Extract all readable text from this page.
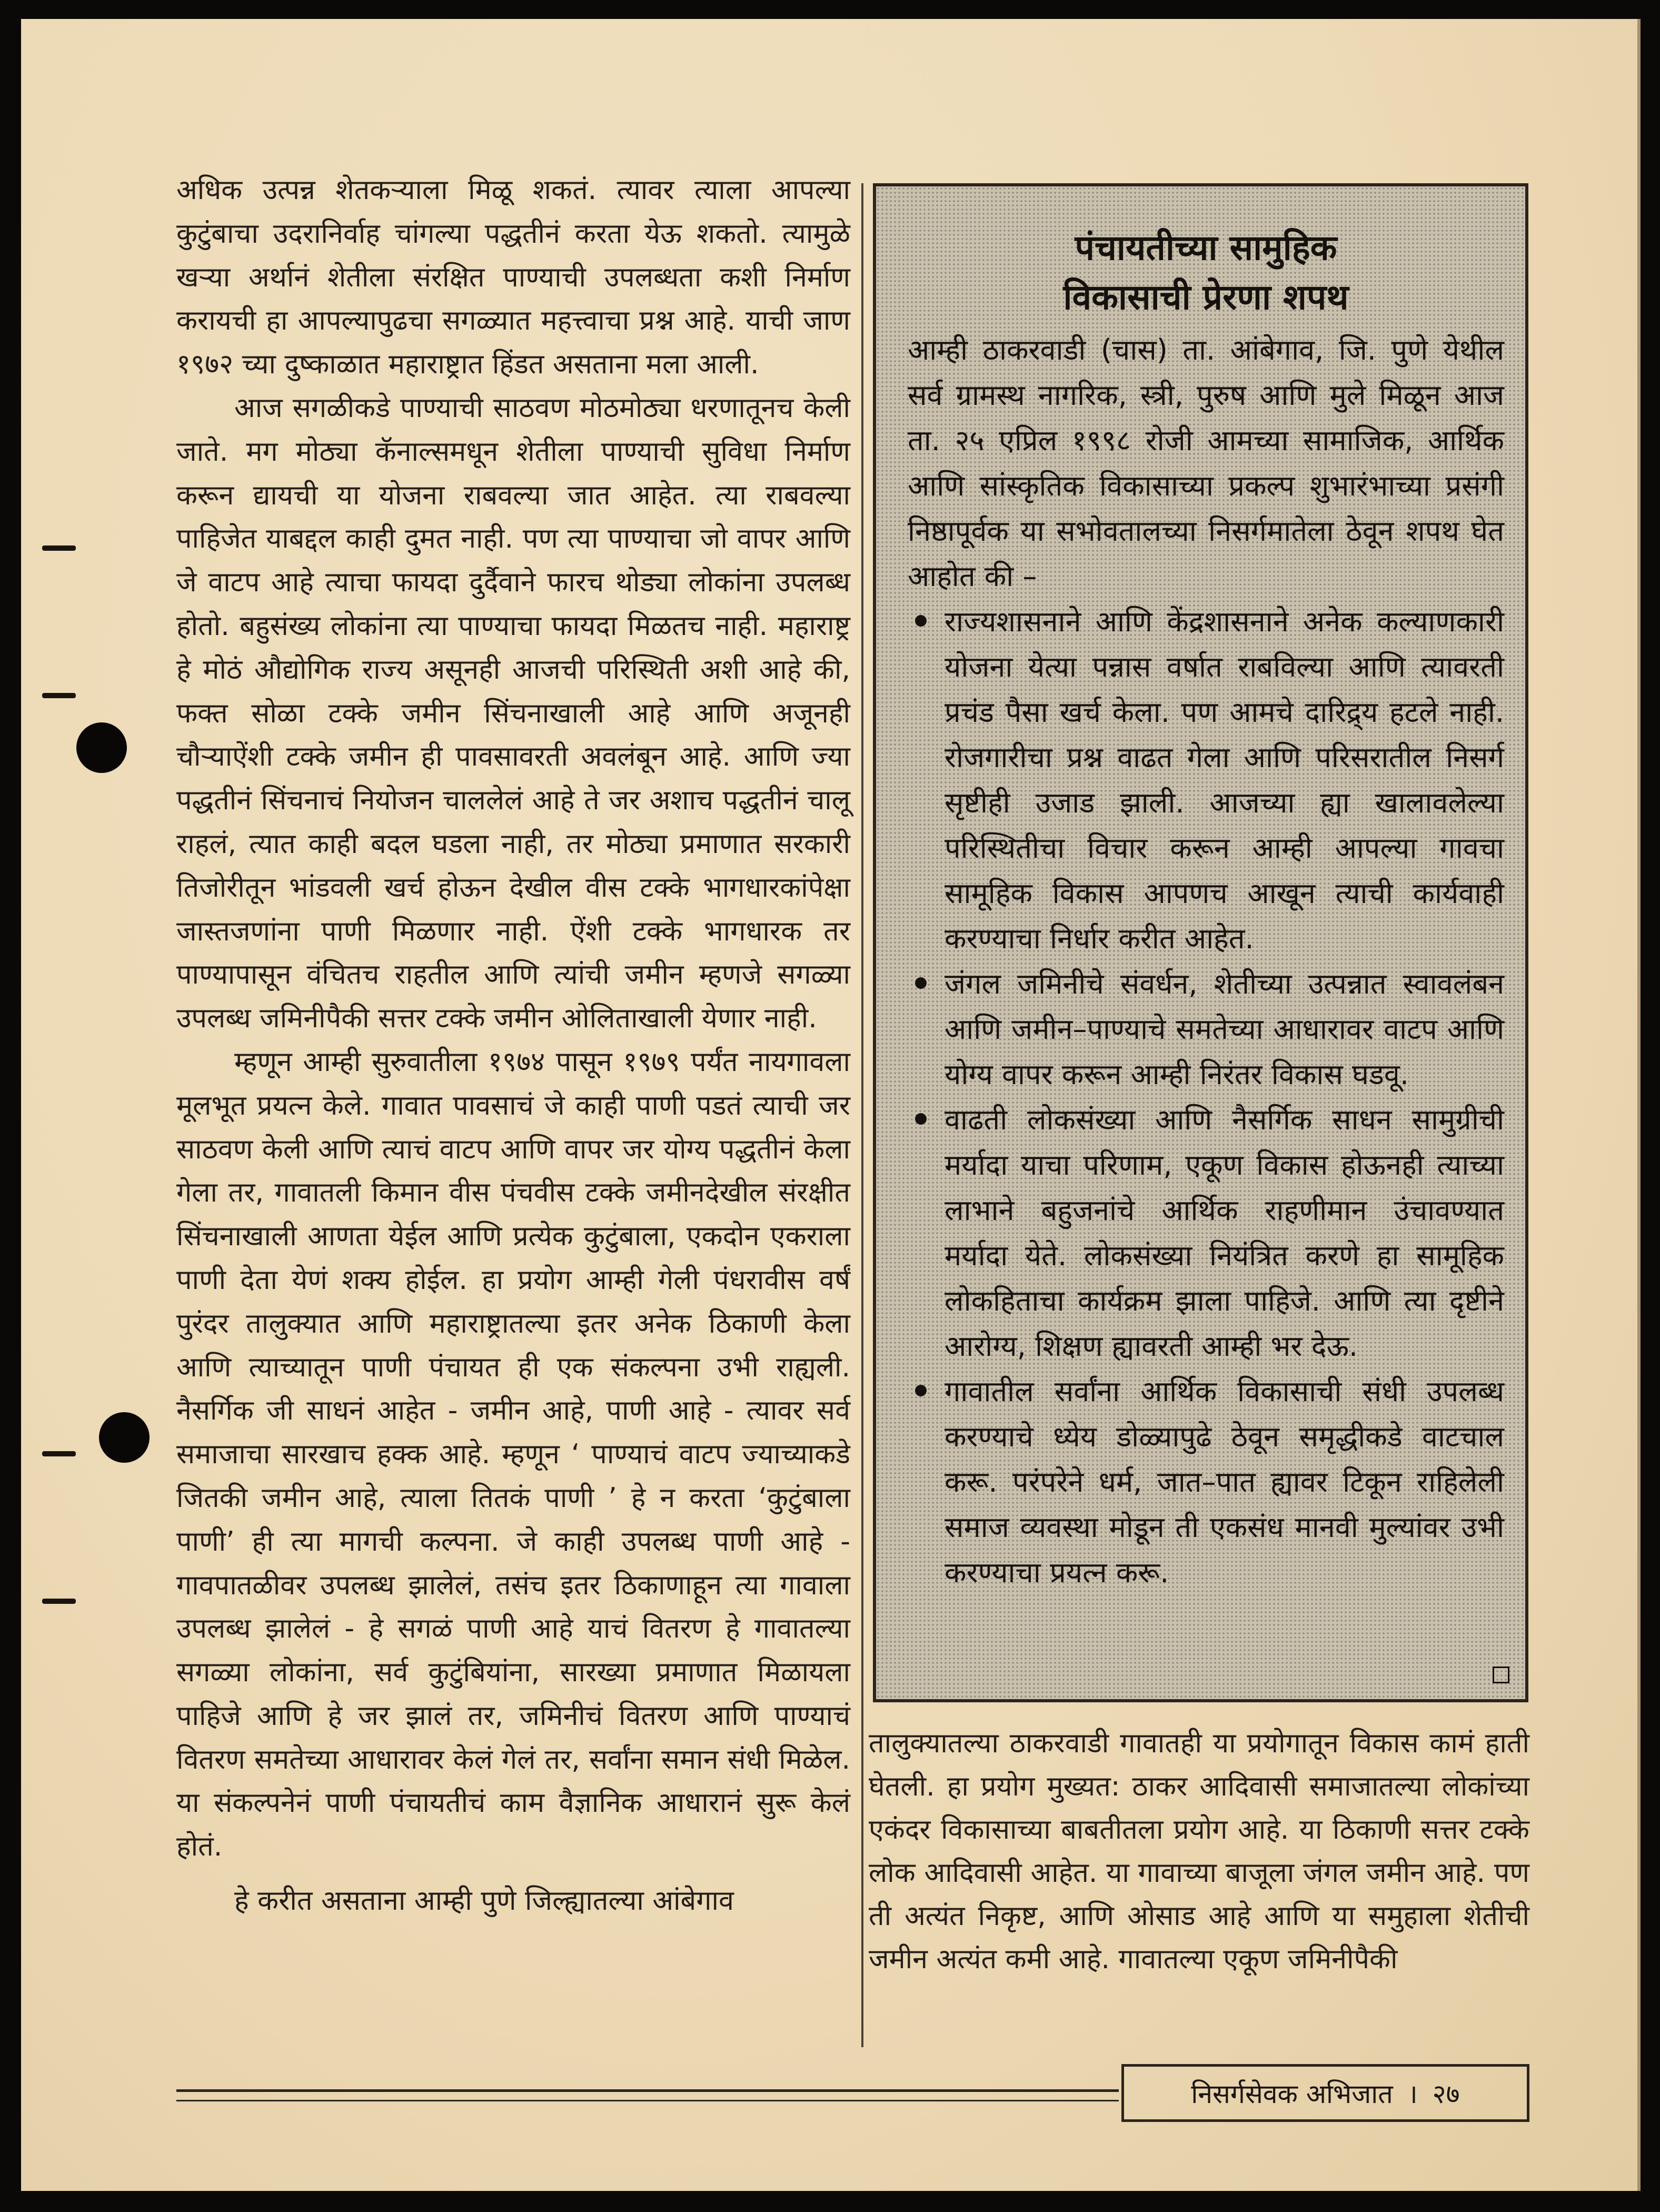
अधिक उत्पन्न शेतकऱ्याला मिळू शकतं. त्यावर त्याला आपल्या कुटुंबाचा उदरानिर्वाह चांगल्या पद्धतीनं करता येऊ शकतो. त्यामुळे खऱ्या अर्थानं शेतीला संरक्षित पाण्याची उपलब्धता कशी निर्माण करायची हा आपल्यापुढचा सगळ्यात महत्त्वाचा प्रश्न आहे. याची जाण १९७२ च्या दुष्काळात महाराष्ट्रात हिंडत असताना मला आली.

आज सगळीकडे पाण्याची साठवण मोठमोठ्या धरणातूनच केली जाते. मग मोठ्या कॅनाल्समधून शेतीला पाण्याची सुविधा निर्माण करून द्यायची या योजना राबवल्या जात आहेत. त्या राबवल्या पाहिजेत याबद्दल काही दुमत नाही. पण त्या पाण्याचा जो वापर आणि जे वाटप आहे त्याचा फायदा दुर्दैवाने फारच थोड्या लोकांना उपलब्ध होतो. बहुसंख्य लोकांना त्या पाण्याचा फायदा मिळतच नाही. महाराष्ट्र हे मोठं औद्योगिक राज्य असूनही आजची परिस्थिती अशी आहे की, फक्त सोळा टक्के जमीन सिंचनाखाली आहे आणि अजूनही चौऱ्याऐंशी टक्के जमीन ही पावसावरती अवलंबून आहे. आणि ज्या पद्धतीनं सिंचनाचं नियोजन चाललेलं आहे ते जर अशाच पद्धतीनं चालू राहलं, त्यात काही बदल घडला नाही, तर मोठ्या प्रमाणात सरकारी तिजोरीतून भांडवली खर्च होऊन देखील वीस टक्के भागधारकांपेक्षा जास्तजणांना पाणी मिळणार नाही. ऐंशी टक्के भागधारक तर पाण्यापासून वंचितच राहतील आणि त्यांची जमीन म्हणजे सगळ्या उपलब्ध जमिनीपैकी सत्तर टक्के जमीन ओलिताखाली येणार नाही.

म्हणून आम्ही सुरुवातीला १९७४ पासून १९७९ पर्यंत नायगावला मूलभूत प्रयत्न केले. गावात पावसाचं जे काही पाणी पडतं त्याची जर साठवण केली आणि त्याचं वाटप आणि वापर जर योग्य पद्धतीनं केला गेला तर, गावातली किमान वीस पंचवीस टक्के जमीनदेखील संरक्षीत सिंचनाखाली आणता येईल आणि प्रत्येक कुटुंबाला, एकदोन एकराला पाणी देता येणं शक्य होईल. हा प्रयोग आम्ही गेली पंधरावीस वर्षं पुरंदर तालुक्यात आणि महाराष्ट्रातल्या इतर अनेक ठिकाणी केला आणि त्याच्यातून पाणी पंचायत ही एक संकल्पना उभी राह्यली. नैसर्गिक जी साधनं आहेत - जमीन आहे, पाणी आहे - त्यावर सर्व समाजाचा सारखाच हक्क आहे. म्हणून ‘ पाण्याचं वाटप ज्याच्याकडे जितकी जमीन आहे, त्याला तितकं पाणी ’ हे न करता ‘कुटुंबाला पाणी’ ही त्या मागची कल्पना. जे काही उपलब्ध पाणी आहे - गावपातळीवर उपलब्ध झालेलं, तसंच इतर ठिकाणाहून त्या गावाला उपलब्ध झालेलं - हे सगळं पाणी आहे याचं वितरण हे गावातल्या सगळ्या लोकांना, सर्व कुटुंबियांना, सारख्या प्रमाणात मिळायला पाहिजे आणि हे जर झालं तर, जमिनीचं वितरण आणि पाण्याचं वितरण समतेच्या आधारावर केलं गेलं तर, सर्वांना समान संधी मिळेल. या संकल्पनेनं पाणी पंचायतीचं काम वैज्ञानिक आधारानं सुरू केलं होतं.

हे करीत असताना आम्ही पुणे जिल्ह्यातल्या आंबेगाव

पंचायतीच्या सामुहिक
विकासाची प्रेरणा शपथ

आम्ही ठाकरवाडी (चास) ता. आंबेगाव, जि. पुणे येथील सर्व ग्रामस्थ नागरिक, स्त्री, पुरुष आणि मुले मिळून आज ता. २५ एप्रिल १९९८ रोजी आमच्या सामाजिक, आर्थिक आणि सांस्कृतिक विकासाच्या प्रकल्प शुभारंभाच्या प्रसंगी निष्ठापूर्वक या सभोवतालच्या निसर्गमातेला ठेवून शपथ घेत आहोत की –

राज्यशासनाने आणि केंद्रशासनाने अनेक कल्याणकारी योजना येत्या पन्नास वर्षात राबविल्या आणि त्यावरती प्रचंड पैसा खर्च केला. पण आमचे दारिद्र्य हटले नाही. रोजगारीचा प्रश्न वाढत गेला आणि परिसरातील निसर्ग सृष्टीही उजाड झाली. आजच्या ह्या खालावलेल्या परिस्थितीचा विचार करून आम्ही आपल्या गावचा सामूहिक विकास आपणच आखून त्याची कार्यवाही करण्याचा निर्धार करीत आहेत.
जंगल जमिनीचे संवर्धन, शेतीच्या उत्पन्नात स्वावलंबन आणि जमीन–पाण्याचे समतेच्या आधारावर वाटप आणि योग्य वापर करून आम्ही निरंतर विकास घडवू.
वाढती लोकसंख्या आणि नैसर्गिक साधन सामुग्रीची मर्यादा याचा परिणाम, एकूण विकास होऊनही त्याच्या लाभाने बहुजनांचे आर्थिक राहणीमान उंचावण्यात मर्यादा येते. लोकसंख्या नियंत्रित करणे हा सामूहिक लोकहिताचा कार्यक्रम झाला पाहिजे. आणि त्या दृष्टीने आरोग्य, शिक्षण ह्यावरती आम्ही भर देऊ.
गावातील सर्वांना आर्थिक विकासाची संधी उपलब्ध करण्याचे ध्येय डोळ्यापुढे ठेवून समृद्धीकडे वाटचाल करू. परंपरेने धर्म, जात–पात ह्यावर टिकून राहिलेली समाज व्यवस्था मोडून ती एकसंध मानवी मुल्यांवर उभी करण्याचा प्रयत्न करू.

तालुक्यातल्या ठाकरवाडी गावातही या प्रयोगातून विकास कामं हाती घेतली. हा प्रयोग मुख्यत: ठाकर आदिवासी समाजातल्या लोकांच्या एकंदर विकासाच्या बाबतीतला प्रयोग आहे. या ठिकाणी सत्तर टक्के लोक आदिवासी आहेत. या गावाच्या बाजूला जंगल जमीन आहे. पण ती अत्यंत निकृष्ट, आणि ओसाड आहे आणि या समुहाला शेतीची जमीन अत्यंत कमी आहे. गावातल्या एकूण जमिनीपैकी

निसर्गसेवक अभिजात । २७
